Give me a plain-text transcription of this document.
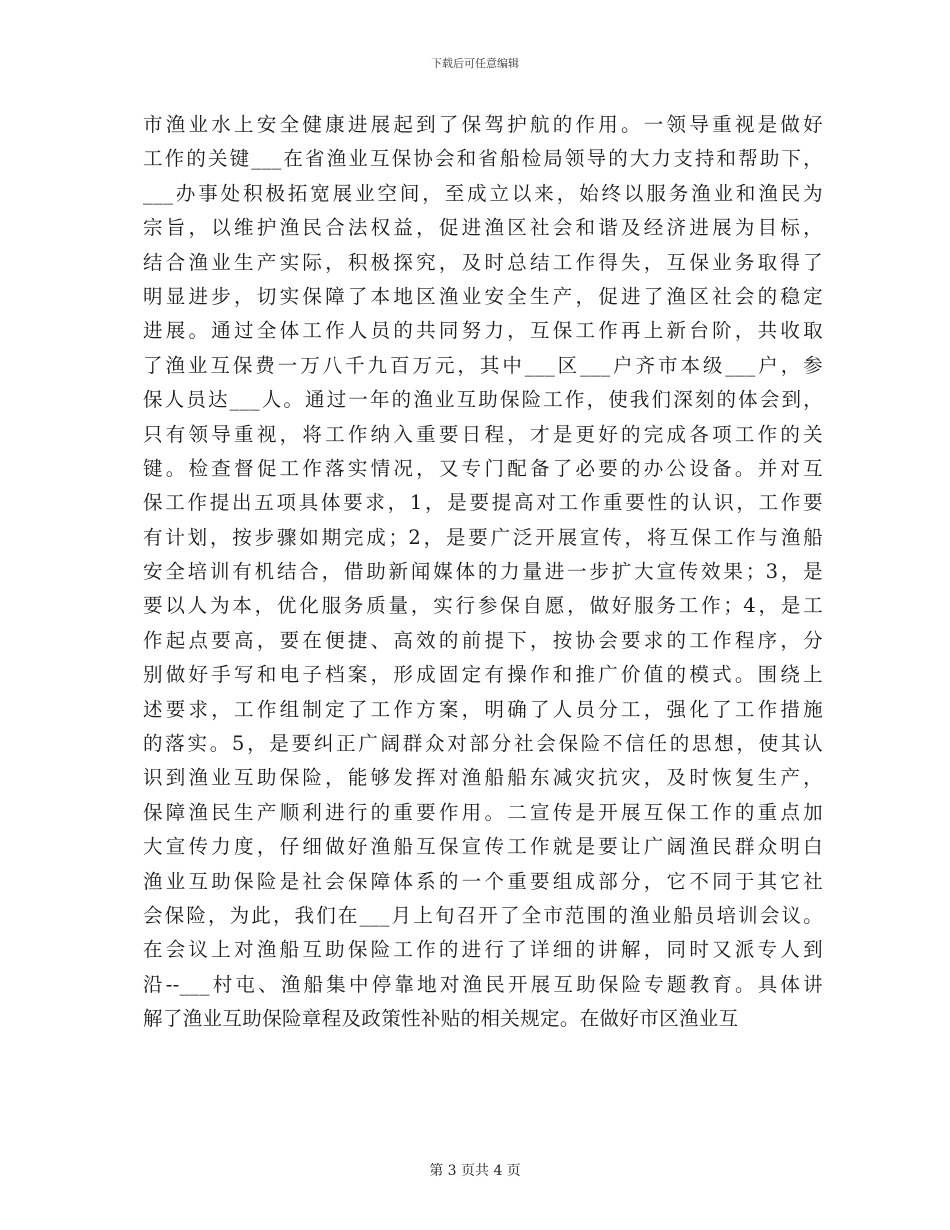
下载后可任意编辑
市渔业水上安全健康进展起到了保驾护航的作用。一领导重视是做好
工作的关键___在省渔业互保协会和省船检局领导的大力支持和帮助下，
___办事处积极拓宽展业空间，至成立以来，始终以服务渔业和渔民为
宗旨，以维护渔民合法权益，促进渔区社会和谐及经济进展为目标，
结合渔业生产实际，积极探究，及时总结工作得失，互保业务取得了
明显进步，切实保障了本地区渔业安全生产，促进了渔区社会的稳定
进展。通过全体工作人员的共同努力，互保工作再上新台阶，共收取
了渔业互保费一万八千九百万元，其中___区___户齐市本级___户，参
保人员达___人。通过一年的渔业互助保险工作，使我们深刻的体会到，
只有领导重视，将工作纳入重要日程，才是更好的完成各项工作的关
键。检查督促工作落实情况，又专门配备了必要的办公设备。并对互
保工作提出五项具体要求，1，是要提高对工作重要性的认识，工作要
有计划，按步骤如期完成；2，是要广泛开展宣传，将互保工作与渔船
安全培训有机结合，借助新闻媒体的力量进一步扩大宣传效果；3，是
要以人为本，优化服务质量，实行参保自愿，做好服务工作；4，是工
作起点要高，要在便捷、高效的前提下，按协会要求的工作程序，分
别做好手写和电子档案，形成固定有操作和推广价值的模式。围绕上
述要求，工作组制定了工作方案，明确了人员分工，强化了工作措施
的落实。5，是要纠正广阔群众对部分社会保险不信任的思想，使其认
识到渔业互助保险，能够发挥对渔船船东减灾抗灾，及时恢复生产，
保障渔民生产顺利进行的重要作用。二宣传是开展互保工作的重点加
大宣传力度，仔细做好渔船互保宣传工作就是要让广阔渔民群众明白
渔业互助保险是社会保障体系的一个重要组成部分，它不同于其它社
会保险，为此，我们在___月上旬召开了全市范围的渔业船员培训会议。
在会议上对渔船互助保险工作的进行了详细的讲解，同时又派专人到
沿--___村屯、渔船集中停靠地对渔民开展互助保险专题教育。具体讲
解了渔业互助保险章程及政策性补贴的相关规定。在做好市区渔业互
第 3 页共 4 页
